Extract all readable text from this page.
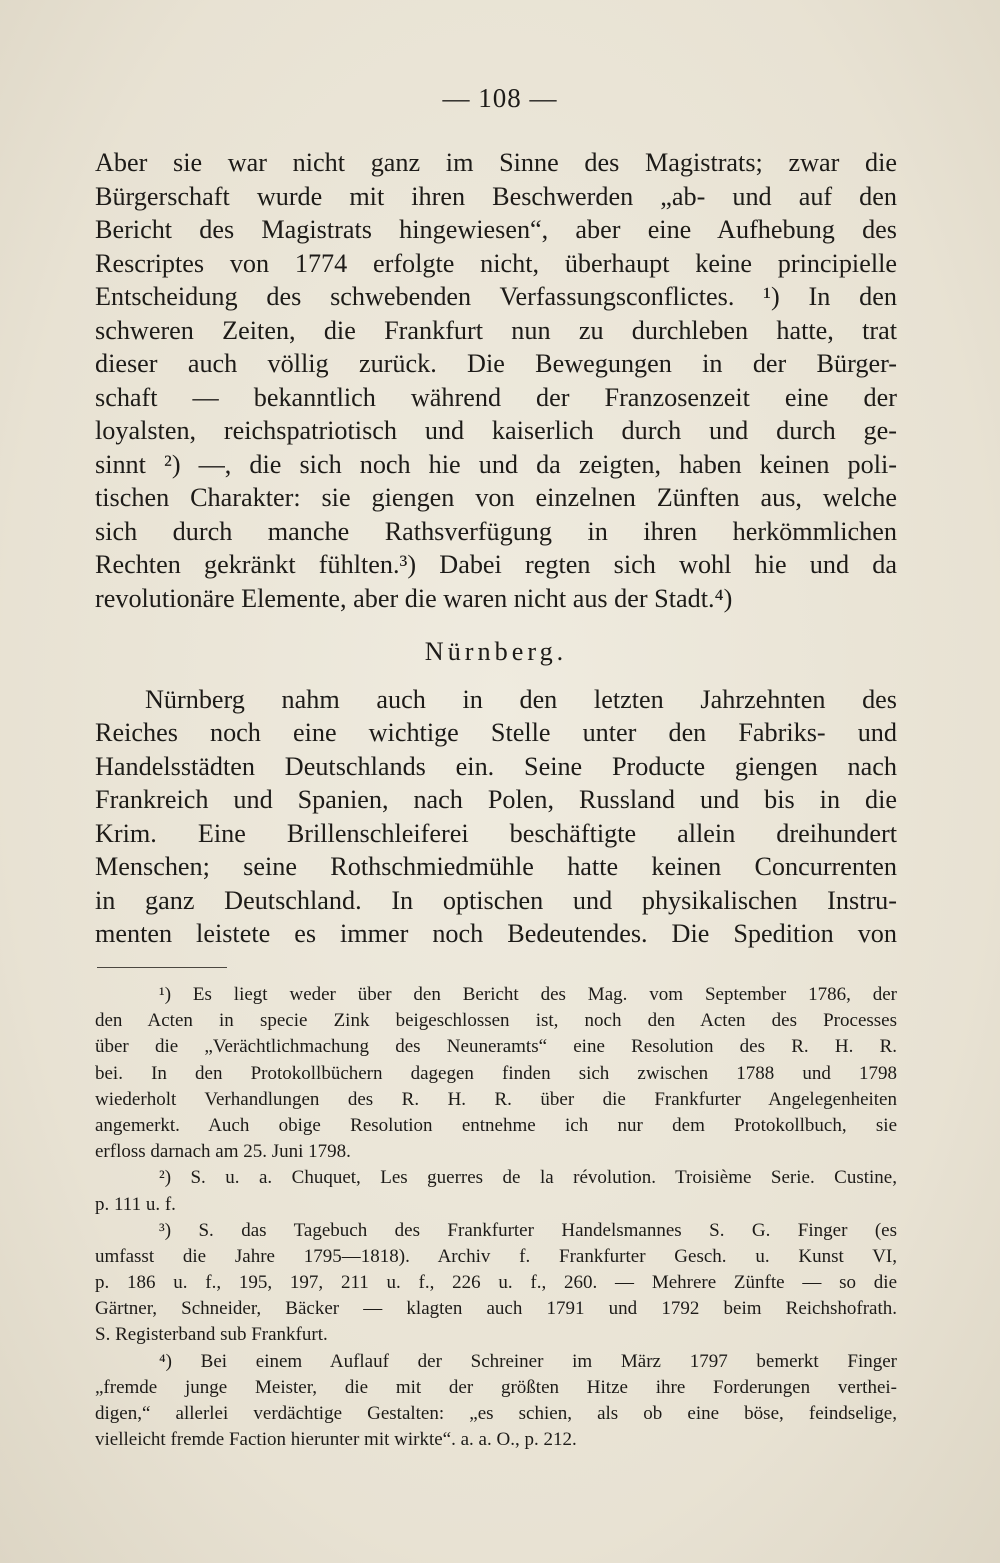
— 108 —
Aber sie war nicht ganz im Sinne des Magistrats; zwar die
Bürgerschaft wurde mit ihren Beschwerden „ab- und auf den
Bericht des Magistrats hingewiesen“, aber eine Aufhebung des
Rescriptes von 1774 erfolgte nicht, überhaupt keine principielle
Entscheidung des schwebenden Verfassungsconflictes. ¹) In den
schweren Zeiten, die Frankfurt nun zu durchleben hatte, trat
dieser auch völlig zurück. Die Bewegungen in der Bürger-
schaft — bekanntlich während der Franzosenzeit eine der
loyalsten, reichspatriotisch und kaiserlich durch und durch ge-
sinnt ²) —, die sich noch hie und da zeigten, haben keinen poli-
tischen Charakter: sie giengen von einzelnen Zünften aus, welche
sich durch manche Rathsverfügung in ihren herkömmlichen
Rechten gekränkt fühlten.³) Dabei regten sich wohl hie und da
revolutionäre Elemente, aber die waren nicht aus der Stadt.⁴)
Nürnberg.
Nürnberg nahm auch in den letzten Jahrzehnten des
Reiches noch eine wichtige Stelle unter den Fabriks- und
Handelsstädten Deutschlands ein. Seine Producte giengen nach
Frankreich und Spanien, nach Polen, Russland und bis in die
Krim. Eine Brillenschleiferei beschäftigte allein dreihundert
Menschen; seine Rothschmiedmühle hatte keinen Concurrenten
in ganz Deutschland. In optischen und physikalischen Instru-
menten leistete es immer noch Bedeutendes. Die Spedition von
¹) Es liegt weder über den Bericht des Mag. vom September 1786, der
den Acten in specie Zink beigeschlossen ist, noch den Acten des Processes
über die „Verächtlichmachung des Neuneramts“ eine Resolution des R. H. R.
bei. In den Protokollbüchern dagegen finden sich zwischen 1788 und 1798
wiederholt Verhandlungen des R. H. R. über die Frankfurter Angelegenheiten
angemerkt. Auch obige Resolution entnehme ich nur dem Protokollbuch, sie
erfloss darnach am 25. Juni 1798.
²) S. u. a. Chuquet, Les guerres de la révolution. Troisième Serie. Custine,
p. 111 u. f.
³) S. das Tagebuch des Frankfurter Handelsmannes S. G. Finger (es
umfasst die Jahre 1795—1818). Archiv f. Frankfurter Gesch. u. Kunst VI,
p. 186 u. f., 195, 197, 211 u. f., 226 u. f., 260. — Mehrere Zünfte — so die
Gärtner, Schneider, Bäcker — klagten auch 1791 und 1792 beim Reichshofrath.
S. Registerband sub Frankfurt.
⁴) Bei einem Auflauf der Schreiner im März 1797 bemerkt Finger
„fremde junge Meister, die mit der größten Hitze ihre Forderungen verthei-
digen,“ allerlei verdächtige Gestalten: „es schien, als ob eine böse, feindselige,
vielleicht fremde Faction hierunter mit wirkte“. a. a. O., p. 212.
